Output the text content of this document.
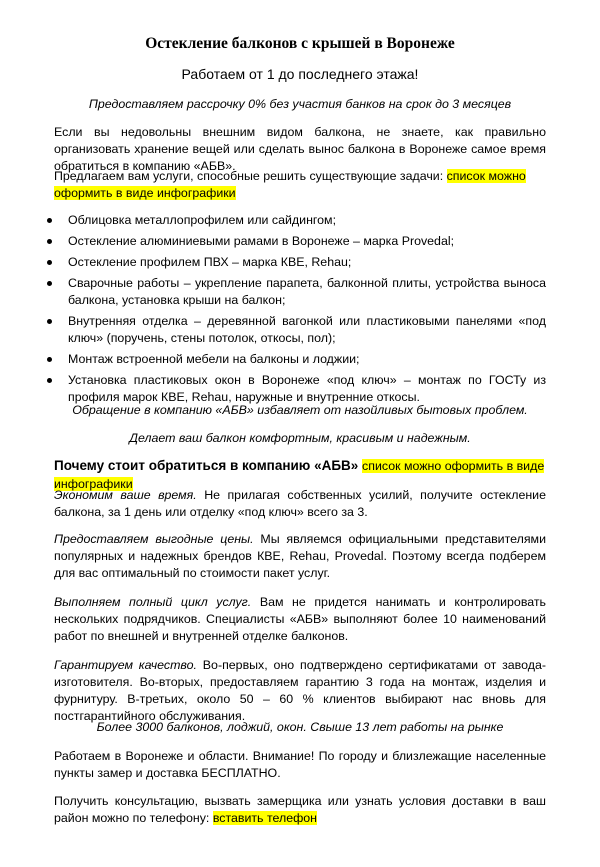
Остекление балконов с крышей в Воронеже
Работаем от 1 до последнего этажа!
Предоставляем рассрочку 0% без участия банков на срок до 3 месяцев

Если вы недовольны внешним видом балкона, не знаете, как правильно организовать хранение вещей или сделать вынос балкона в Воронеже самое время обратиться в компанию «АБВ».

Предлагаем вам услуги, способные решить существующие задачи: список можно оформить в виде инфографики

Облицовка металлопрофилем или сайдингом;
Остекление алюминиевыми рамами в Воронеже – марка Provedal;
Остекление профилем ПВХ – марка КВЕ, Rehau;
Сварочные работы – укрепление парапета, балконной плиты, устройства выноса балкона, установка крыши на балкон;
Внутренняя отделка – деревянной вагонкой или пластиковыми панелями «под ключ» (поручень, стены потолок, откосы, пол);
Монтаж встроенной мебели на балконы и лоджии;
Установка пластиковых окон в Воронеже «под ключ» – монтаж по ГОСТу из профиля марок КВЕ, Rehau, наружные и внутренние откосы.
Обращение в компанию «АБВ» избавляет от назойливых бытовых проблем.
Делает ваш балкон комфортным, красивым и надежным.
Почему стоит обратиться в компанию «АБВ» список можно оформить в виде инфографики

Экономим ваше время. Не прилагая собственных усилий, получите остекление балкона, за 1 день или отделку «под ключ» всего за 3.

Предоставляем выгодные цены. Мы являемся официальными представителями популярных и надежных брендов КВЕ, Rehau, Provedal. Поэтому всегда подберем для вас оптимальный по стоимости пакет услуг.

Выполняем полный цикл услуг. Вам не придется нанимать и контролировать нескольких подрядчиков. Специалисты «АБВ» выполняют более 10 наименований работ по внешней и внутренней отделке балконов.

Гарантируем качество. Во-первых, оно подтверждено сертификатами от завода-изготовителя. Во-вторых, предоставляем гарантию 3 года на монтаж, изделия и фурнитуру. В-третьих, около 50 – 60 % клиентов выбирают нас вновь для постгарантийного обслуживания.

Более 3000 балконов, лоджий, окон. Свыше 13 лет работы на рынке

Работаем в Воронеже и области. Внимание! По городу и близлежащие населенные пункты замер и доставка БЕСПЛАТНО.

Получить консультацию, вызвать замерщика или узнать условия доставки в ваш район можно по телефону: вставить телефон
